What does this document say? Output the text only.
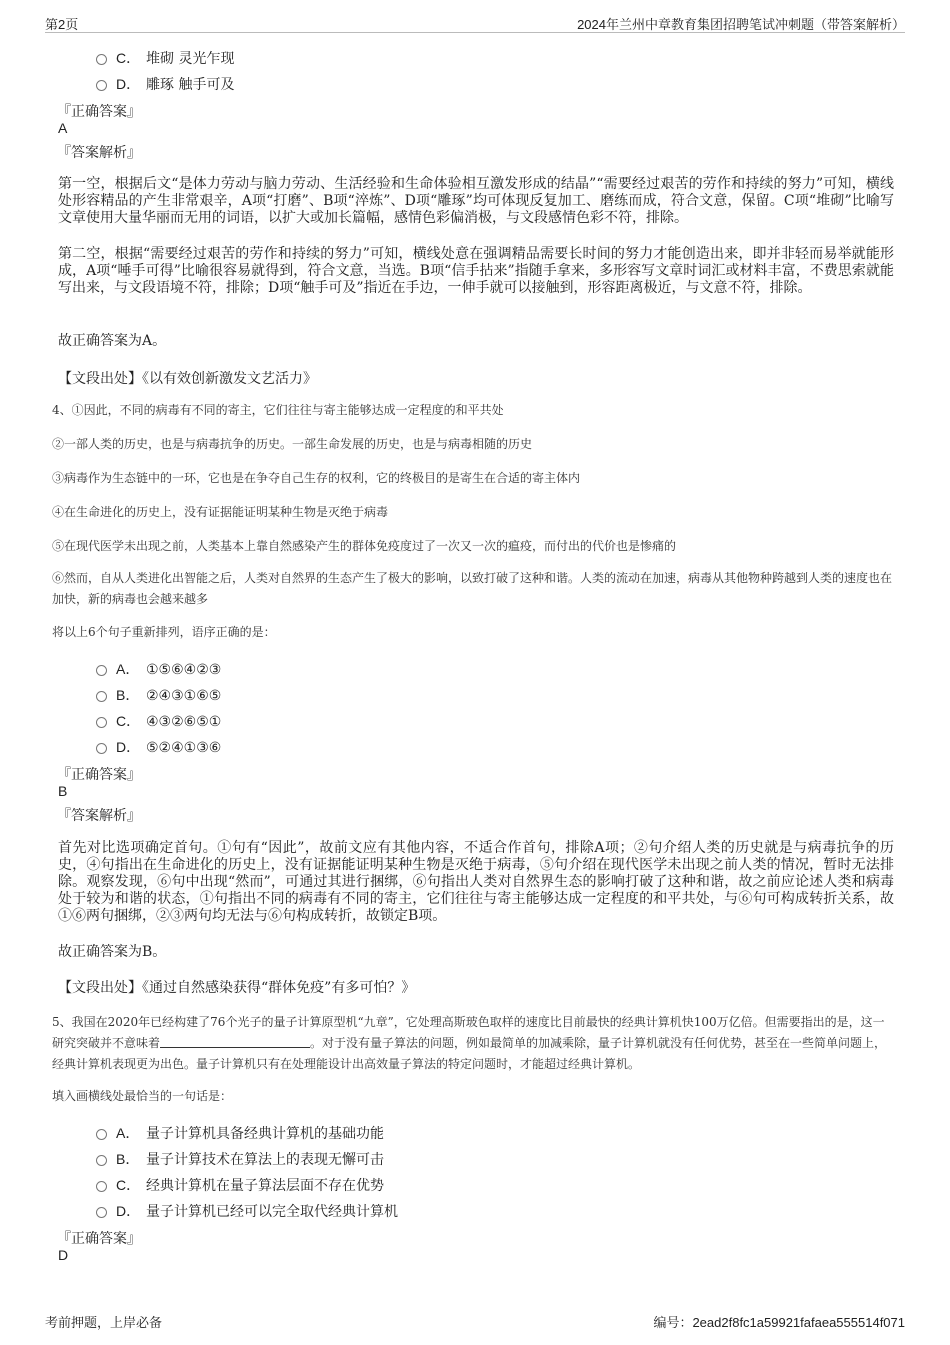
第2页	2024年兰州中章教育集团招聘笔试冲刺题（带答案解析）
C． 堆砌 灵光乍现
D． 雕琢 触手可及
『正确答案』
A
『答案解析』
第一空，根据后文“是体力劳动与脑力劳动、生活经验和生命体验相互激发形成的结晶”“需要经过艰苦的劳作和持续的努力”可知，横线处形容精品的产生非常艰辛，A项“打磨”、B项“淬炼”、D项“雕琢”均可体现反复加工、磨练而成，符合文意，保留。C项“堆砌”比喻写文章使用大量华丽而无用的词语，以扩大或加长篇幅，感情色彩偏消极，与文段感情色彩不符，排除。
第二空，根据“需要经过艰苦的劳作和持续的努力”可知，横线处意在强调精品需要长时间的努力才能创造出来，即并非轻而易举就能形成，A项“唾手可得”比喻很容易就得到，符合文意，当选。B项“信手拈来”指随手拿来，多形容写文章时词汇或材料丰富，不费思索就能写出来，与文段语境不符，排除；D项“触手可及”指近在手边，一伸手就可以接触到，形容距离极近，与文意不符，排除。
故正确答案为A。
【文段出处】《以有效创新激发文艺活力》
4、①因此，不同的病毒有不同的寄主，它们往往与寄主能够达成一定程度的和平共处
②一部人类的历史，也是与病毒抗争的历史。一部生命发展的历史，也是与病毒相随的历史
③病毒作为生态链中的一环，它也是在争夺自己生存的权利，它的终极目的是寄生在合适的寄主体内
④在生命进化的历史上，没有证据能证明某种生物是灭绝于病毒
⑤在现代医学未出现之前，人类基本上靠自然感染产生的群体免疫度过了一次又一次的瘟疫，而付出的代价也是惨痛的
⑥然而，自从人类进化出智能之后，人类对自然界的生态产生了极大的影响，以致打破了这种和谐。人类的流动在加速，病毒从其他物种跨越到人类的速度也在加快，新的病毒也会越来越多
将以上6个句子重新排列，语序正确的是：
A． ①⑤⑥④②③
B． ②④③①⑥⑤
C． ④③②⑥⑤①
D． ⑤②④①③⑥
『正确答案』
B
『答案解析』
首先对比选项确定首句。①句有“因此”，故前文应有其他内容，不适合作首句，排除A项；②句介绍人类的历史就是与病毒抗争的历史，④句指出在生命进化的历史上，没有证据能证明某种生物是灭绝于病毒，⑤句介绍在现代医学未出现之前人类的情况，暂时无法排除。观察发现，⑥句中出现“然而”，可通过其进行捆绑，⑥句指出人类对自然界生态的影响打破了这种和谐，故之前应论述人类和病毒处于较为和谐的状态，①句指出不同的病毒有不同的寄主，它们往往与寄主能够达成一定程度的和平共处，与⑥句可构成转折关系，故①⑥两句捆绑，②③两句均无法与⑥句构成转折，故锁定B项。
故正确答案为B。
【文段出处】《通过自然感染获得“群体免疫”有多可怕？》
5、我国在2020年已经构建了76个光子的量子计算原型机“九章”，它处理高斯玻色取样的速度比目前最快的经典计算机快100万亿倍。但需要指出的是，这一研究突破并不意味着	。对于没有量子算法的问题，例如最简单的加减乘除，量子计算机就没有任何优势，甚至在一些简单问题上，经典计算机表现更为出色。量子计算机只有在处理能设计出高效量子算法的特定问题时，才能超过经典计算机。
填入画横线处最恰当的一句话是：
A． 量子计算机具备经典计算机的基础功能
B． 量子计算技术在算法上的表现无懈可击
C． 经典计算机在量子算法层面不存在优势
D． 量子计算机已经可以完全取代经典计算机
『正确答案』
D
考前押题，上岸必备	编号：2ead2f8fc1a59921fafaea555514f071
